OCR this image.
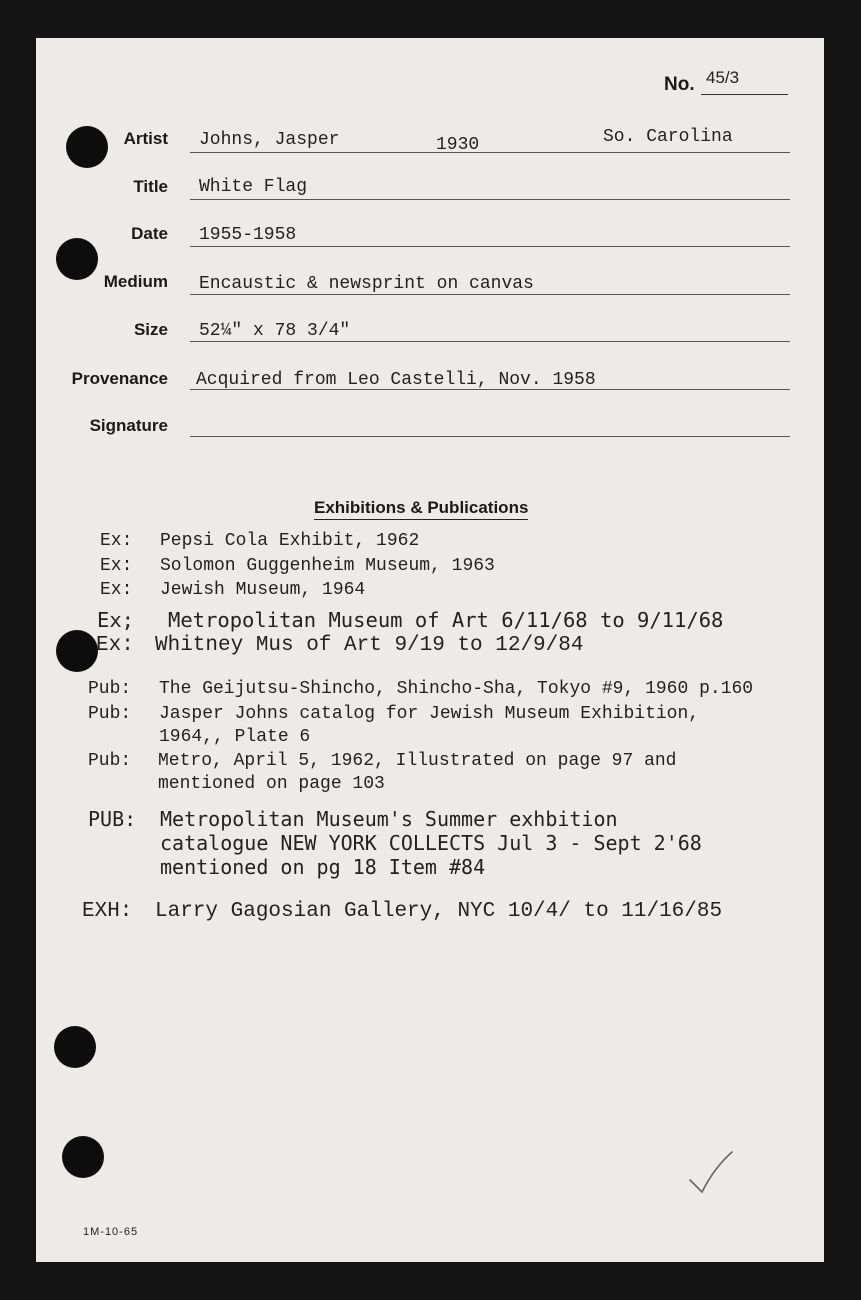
No. 45/3
Artist Johns, Jasper	1930	So. Carolina
Title White Flag
Date 1955-1958
Medium Encaustic & newsprint on canvas
Size 52¼" x 78 3/4"
Provenance Acquired from Leo Castelli, Nov. 1958
Signature
Exhibitions & Publications
Ex: Pepsi Cola Exhibit, 1962
Ex: Solomon Guggenheim Museum, 1963
Ex: Jewish Museum, 1964
Ex; Metropolitan Museum of Art 6/11/68 to 9/11/68
Ex: Whitney Mus of Art 9/19 to 12/9/84
Pub: The Geijutsu-Shincho, Shincho-Sha, Tokyo #9, 1960 p.160
Pub: Jasper Johns catalog for Jewish Museum Exhibition,
1964,, Plate 6
Pub: Metro, April 5, 1962, Illustrated on page 97 and
mentioned on page 103
PUB: Metropolitan Museum's Summer exhbition
catalogue NEW YORK COLLECTS Jul 3 - Sept 2'68
mentioned on pg 18 Item #84
EXH: Larry Gagosian Gallery, NYC 10/4/ to 11/16/85
1M-10-65
